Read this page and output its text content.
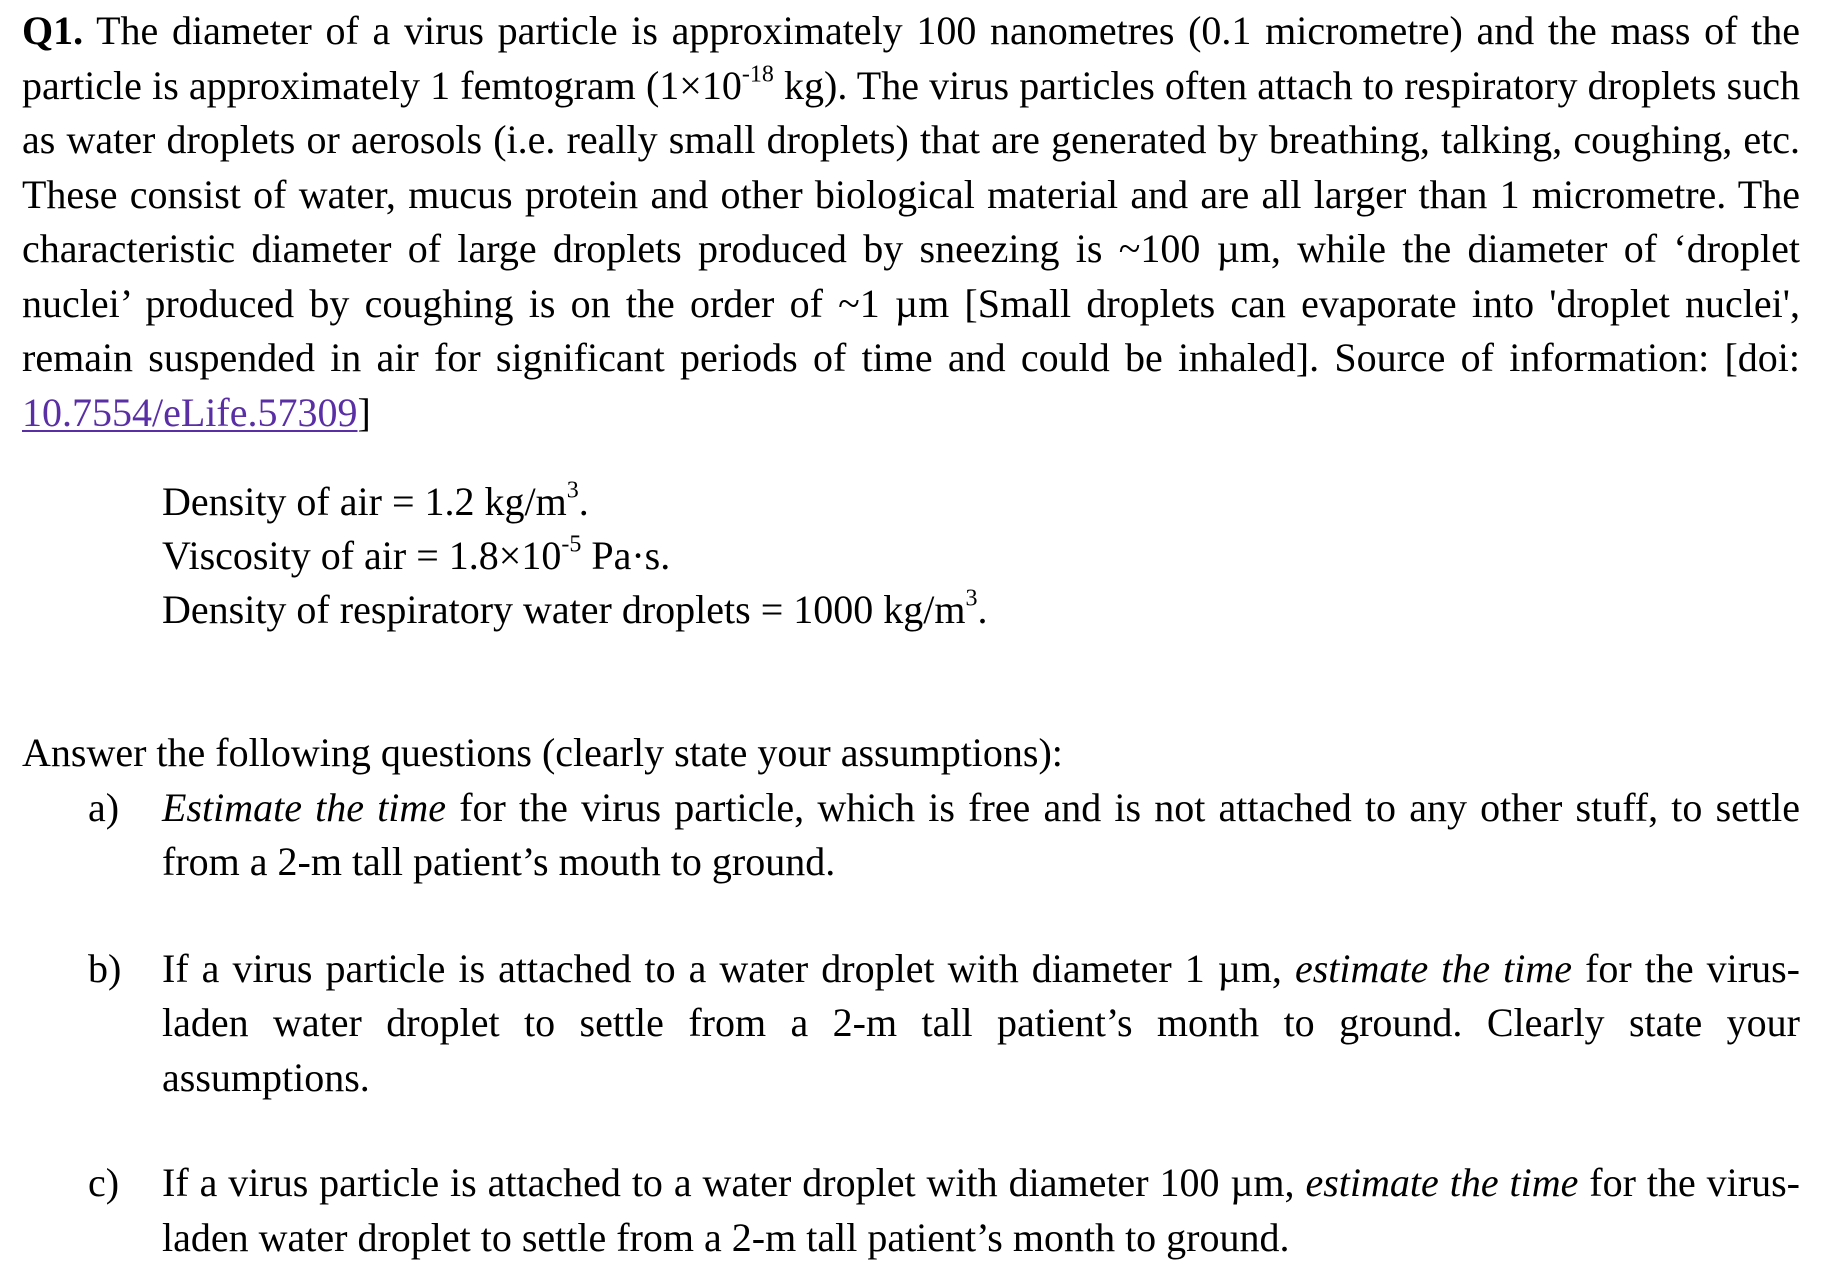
Q1. The diameter of a virus particle is approximately 100 nanometres (0.1 micrometre) and the mass of the particle is approximately 1 femtogram ($1\times 10^{-18}$ kg). The virus particles often attach to respiratory droplets such as water droplets or aerosols (i.e. really small droplets) that are generated by breathing, talking, coughing, etc. These consist of water, mucus protein and other biological material and are all larger than 1 micrometre. The characteristic diameter of large droplets produced by sneezing is ~100 µm, while the diameter of ‘droplet nuclei’ produced by coughing is on the order of ~1 µm [Small droplets can evaporate into 'droplet nuclei', remain suspended in air for significant periods of time and could be inhaled]. Source of information: [doi: 10.7554/eLife.57309]

Density of air = 1.2 $kg/m^3$.
Viscosity of air = $1.8\times 10^{-5}$ Pa·s.
Density of respiratory water droplets = 1000 $kg/m^3$.
Answer the following questions (clearly state your assumptions):
a)	Estimate the time for the virus particle, which is free and is not attached to any other stuff, to settle from a 2-m tall patient’s mouth to ground.
b)	If a virus particle is attached to a water droplet with diameter 1 µm, estimate the time for the virus-laden water droplet to settle from a 2-m tall patient’s month to ground. Clearly state your assumptions.
c)	If a virus particle is attached to a water droplet with diameter 100 µm, estimate the time for the virus-laden water droplet to settle from a 2-m tall patient’s month to ground.
